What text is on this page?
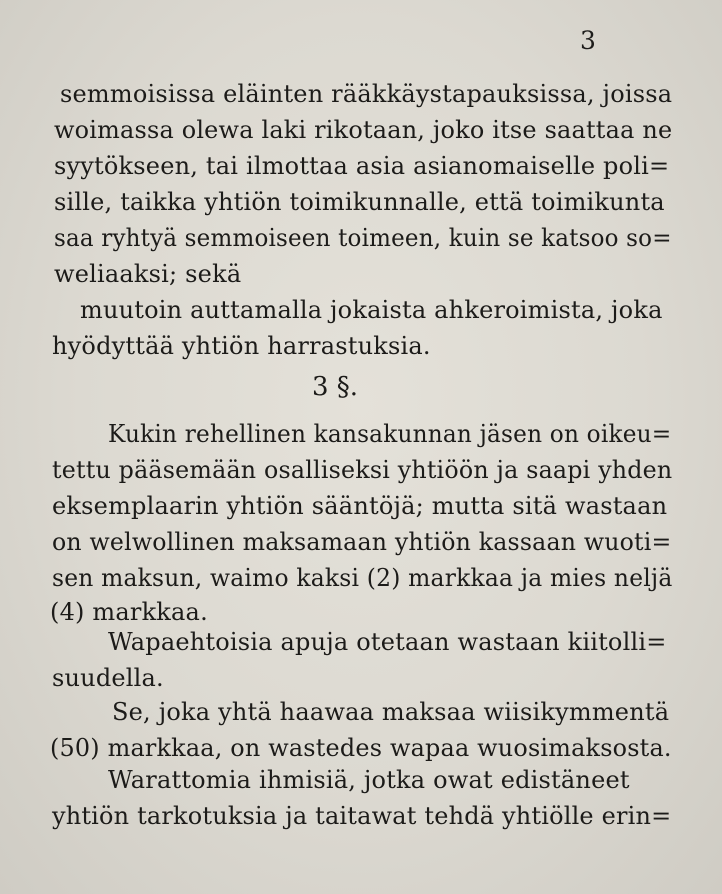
3
semmoisissa eläinten rääkkäystapauksissa, joissa
woimassa olewa laki rikotaan, joko itse saattaa ne
syytökseen, tai ilmottaa asia asianomaiselle poli=
sille, taikka yhtiön toimikunnalle, että toimikunta
saa ryhtyä semmoiseen toimeen, kuin se katsoo so=
weliaaksi; sekä
muutoin auttamalla jokaista ahkeroimista, joka
hyödyttää yhtiön harrastuksia.
3 §.
Kukin rehellinen kansakunnan jäsen on oikeu=
tettu pääsemään osalliseksi yhtiöön ja saapi yhden
eksemplaarin yhtiön sääntöjä; mutta sitä wastaan
on welwollinen maksamaan yhtiön kassaan wuoti=
sen maksun, waimo kaksi (2) markkaa ja mies neljä
(4) markkaa.
Wapaehtoisia apuja otetaan wastaan kiitolli=
suudella.
Se, joka yhtä haawaa maksaa wiisikymmentä
(50) markkaa, on wastedes wapaa wuosimaksosta.
Warattomia ihmisiä, jotka owat edistäneet
yhtiön tarkotuksia ja taitawat tehdä yhtiölle erin=
